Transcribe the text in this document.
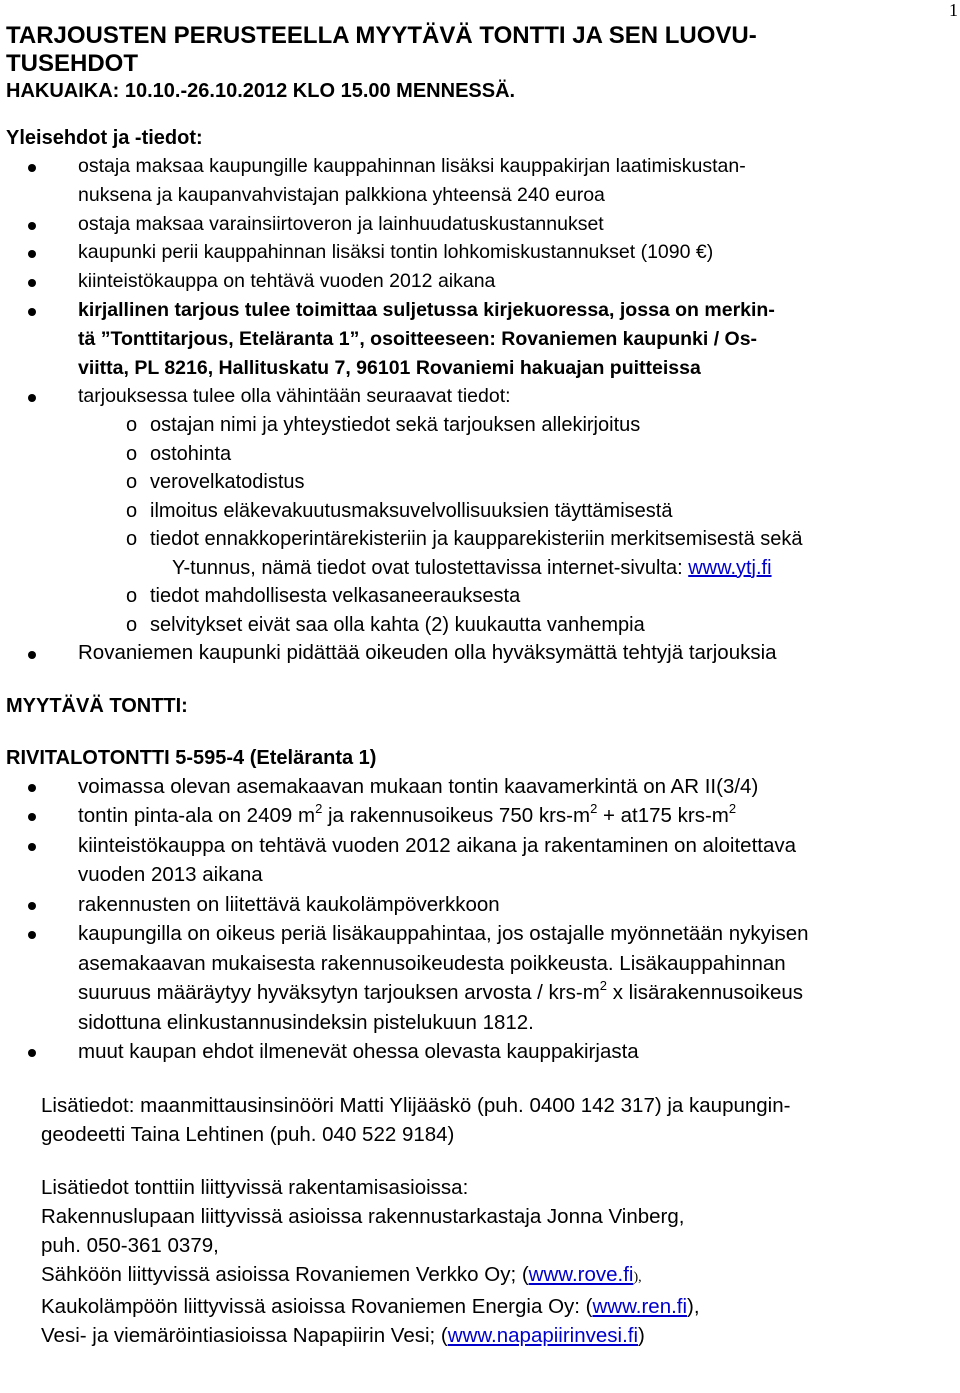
1
TARJOUSTEN PERUSTEELLA MYYTÄVÄ TONTTI JA SEN LUOVU-
TUSEHDOT
HAKUAIKA: 10.10.-26.10.2012 KLO 15.00 MENNESSÄ.
Yleisehdot ja -tiedot:
ostaja maksaa kaupungille kauppahinnan lisäksi kauppakirjan laatimiskustan-
nuksena ja kaupanvahvistajan palkkiona yhteensä 240 euroa
ostaja maksaa varainsiirtoveron ja lainhuudatuskustannukset
kaupunki perii kauppahinnan lisäksi tontin lohkomiskustannukset (1090 €)
kiinteistökauppa on tehtävä vuoden 2012 aikana
kirjallinen tarjous tulee toimittaa suljetussa kirjekuoressa, jossa on merkin-
tä ”Tonttitarjous, Eteläranta 1”, osoitteeseen: Rovaniemen kaupunki / Os-
viitta, PL 8216, Hallituskatu 7, 96101 Rovaniemi hakuajan puitteissa
tarjouksessa tulee olla vähintään seuraavat tiedot:
o ostajan nimi ja yhteystiedot sekä tarjouksen allekirjoitus
o ostohinta
o verovelkatodistus
o ilmoitus eläkevakuutusmaksuvelvollisuuksien täyttämisestä
o tiedot ennakkoperintärekisteriin ja kaupparekisteriin merkitsemisestä sekä
Y-tunnus, nämä tiedot ovat tulostettavissa internet-sivulta: www.ytj.fi
o tiedot mahdollisesta velkasaneerauksesta
o selvitykset eivät saa olla kahta (2) kuukautta vanhempia
Rovaniemen kaupunki pidättää oikeuden olla hyväksymättä tehtyjä tarjouksia
MYYTÄVÄ TONTTI:
RIVITALOTONTTI 5-595-4 (Eteläranta 1)
voimassa olevan asemakaavan mukaan tontin kaavamerkintä on AR II(3/4)
tontin pinta-ala on 2409 $m^2$ ja rakennusoikeus 750 krs-$m^2 + at175$ krs-$m^2$
kiinteistökauppa on tehtävä vuoden 2012 aikana ja rakentaminen on aloitettava
vuoden 2013 aikana
rakennusten on liitettävä kaukolämpöverkkoon
kaupungilla on oikeus periä lisäkauppahintaa, jos ostajalle myönnetään nykyisen
asemakaavan mukaisesta rakennusoikeudesta poikkeusta. Lisäkauppahinnan
suuruus määräytyy hyväksytyn tarjouksen arvosta / krs-$m^2$ x lisärakennusoikeus
sidottuna elinkustannusindeksin pistelukuun 1812.
muut kaupan ehdot ilmenevät ohessa olevasta kauppakirjasta
Lisätiedot: maanmittausinsinööri Matti Ylijääskö (puh. 0400 142 317) ja kaupungin-
geodeetti Taina Lehtinen (puh. 040 522 9184)
Lisätiedot tonttiin liittyvissä rakentamisasioissa:
Rakennuslupaan liittyvissä asioissa rakennustarkastaja Jonna Vinberg,
puh. 050-361 0379,
Sähköön liittyvissä asioissa Rovaniemen Verkko Oy; (www.rove.fi),
Kaukolämpöön liittyvissä asioissa Rovaniemen Energia Oy: (www.ren.fi),
Vesi- ja viemäröintiasioissa Napapiirin Vesi; (www.napapiirinvesi.fi)
